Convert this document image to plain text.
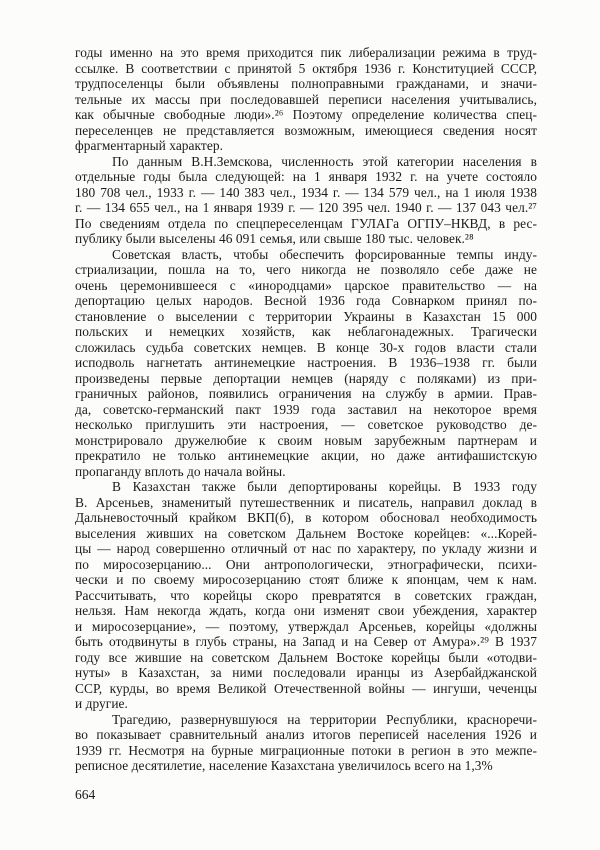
годы именно на это время приходится пик либерализации режима в труд-
ссылке. В соответствии с принятой 5 октября 1936 г. Конституцией СССР,
трудпоселенцы были объявлены полноправными гражданами, и значи-
тельные их массы при последовавшей переписи населения учитывались,
как обычные свободные люди».²⁶ Поэтому определение количества спец-
переселенцев не представляется возможным, имеющиеся сведения носят
фрагментарный характер.
По данным В.Н.Земскова, численность этой категории населения в
отдельные годы была следующей: на 1 января 1932 г. на учете состояло
180 708 чел., 1933 г. — 140 383 чел., 1934 г. — 134 579 чел., на 1 июля 1938
г. — 134 655 чел., на 1 января 1939 г. — 120 395 чел. 1940 г. — 137 043 чел.²⁷
По сведениям отдела по спецпереселенцам ГУЛАГа ОГПУ–НКВД, в рес-
публику были выселены 46 091 семья, или свыше 180 тыс. человек.²⁸
Советская власть, чтобы обеспечить форсированные темпы инду-
стриализации, пошла на то, чего никогда не позволяло себе даже не
очень церемонившееся с «инородцами» царское правительство — на
депортацию целых народов. Весной 1936 года Совнарком принял по-
становление о выселении с территории Украины в Казахстан 15 000
польских и немецких хозяйств, как неблагонадежных. Трагически
сложилась судьба советских немцев. В конце 30-х годов власти стали
исподволь нагнетать антинемецкие настроения. В 1936–1938 гг. были
произведены первые депортации немцев (наряду с поляками) из при-
граничных районов, появились ограничения на службу в армии. Прав-
да, советско-германский пакт 1939 года заставил на некоторое время
несколько приглушить эти настроения, — советское руководство де-
монстрировало дружелюбие к своим новым зарубежным партнерам и
прекратило не только антинемецкие акции, но даже антифашистскую
пропаганду вплоть до начала войны.
В Казахстан также были депортированы корейцы. В 1933 году
В. Арсеньев, знаменитый путешественник и писатель, направил доклад в
Дальневосточный крайком ВКП(б), в котором обосновал необходимость
выселения живших на советском Дальнем Востоке корейцев: «...Корей-
цы — народ совершенно отличный от нас по характеру, по укладу жизни и
по миросозерцанию... Они антропологически, этнографически, психи-
чески и по своему миросозерцанию стоят ближе к японцам, чем к нам.
Рассчитывать, что корейцы скоро превратятся в советских граждан,
нельзя. Нам некогда ждать, когда они изменят свои убеждения, характер
и миросозерцание», — поэтому, утверждал Арсеньев, корейцы «должны
быть отодвинуты в глубь страны, на Запад и на Север от Амура».²⁹ В 1937
году все жившие на советском Дальнем Востоке корейцы были «отодви-
нуты» в Казахстан, за ними последовали иранцы из Азербайджанской
ССР, курды, во время Великой Отечественной войны — ингуши, чеченцы
и другие.
Трагедию, развернувшуюся на территории Республики, красноречи-
во показывает сравнительный анализ итогов переписей населения 1926 и
1939 гг. Несмотря на бурные миграционные потоки в регион в это межпе-
реписное десятилетие, население Казахстана увеличилось всего на 1,3%
664
